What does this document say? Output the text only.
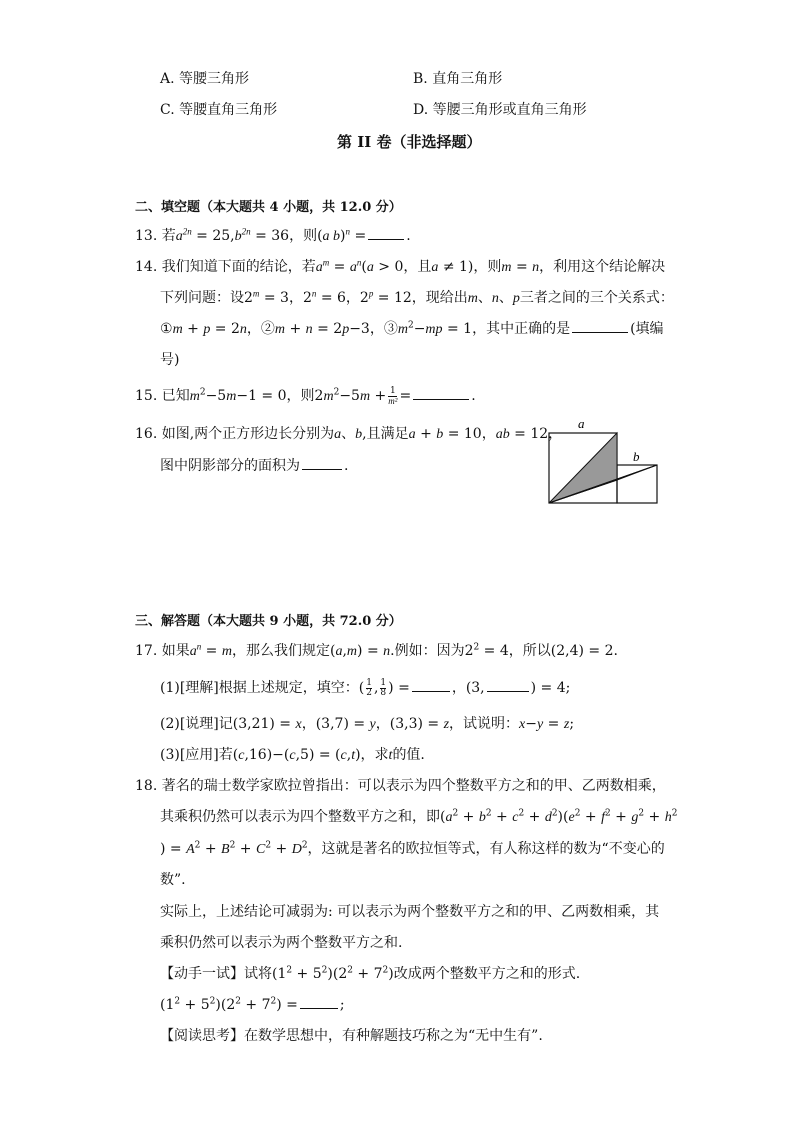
A. 等腰三角形	B. 直角三角形
C. 等腰直角三角形	D. 等腰三角形或直角三角形
第 II 卷（非选择题）
二、填空题（本大题共 4 小题，共 12.0 分）
13. 若$a^{2n} = 25,b^{2n} = 36$，则(a b)$^n$ =	.
14. 我们知道下面的结论，若$a^m = a^n(a > 0$，且a ≠ 1)，则m = n，利用这个结论解决
下列问题：设$2^m = 3$，$2^n = 6$，$2^p = 12$，现给出m、n、p三者之间的三个关系式：
①m + p = 2n，②m + n = 2p−3，$③m^2-mp = 1$，其中正确的是	(填编
号)
15. 已知$m^2-5m-1 = 0$，则$2m^2-5m + \frac{1}{\text{m²}}$ =	.
16. 如图,两个正方形边长分别为a、b,且满足a + b = 10，ab = 12，
图中阴影部分的面积为	.
a
b
三、解答题（本大题共 9 小题，共 72.0 分）
17. 如果$a^n = m$，那么我们规定(a,m) = n.例如：因为$2^2 = 4$，所以(2,4) = 2.
(1)[理解]根据上述规定，填空：( $\frac{1}{2}$ , $\frac{1}{8}$ ) =	，(3,	) = 4;
(2)[说理]记(3,21) = x，(3,7) = y，(3,3) = z，试说明：x−y = z;
(3)[应用]若(c,16)−(c,5) = (c,t)，求t的值.
18. 著名的瑞士数学家欧拉曾指出：可以表示为四个整数平方之和的甲、乙两数相乘，
其乘积仍然可以表示为四个整数平方之和，即$(a^2 + b^2 + c^2 + d^2)(e^2 + f^2 + g^2 + h^2$
) = $A^2 + B^2 + C^2 + D^2$，这就是著名的欧拉恒等式，有人称这样的数为“不变心的
数”.
实际上，上述结论可减弱为: 可以表示为两个整数平方之和的甲、乙两数相乘，其
乘积仍然可以表示为两个整数平方之和.
【动手一试】试将$(1^2 + 5^2)(2^2 + 7^2)$改成两个整数平方之和的形式.
$(1^2 + 5^2)(2^2 + 7^2)$ =	;
【阅读思考】在数学思想中，有种解题技巧称之为“无中生有”.
